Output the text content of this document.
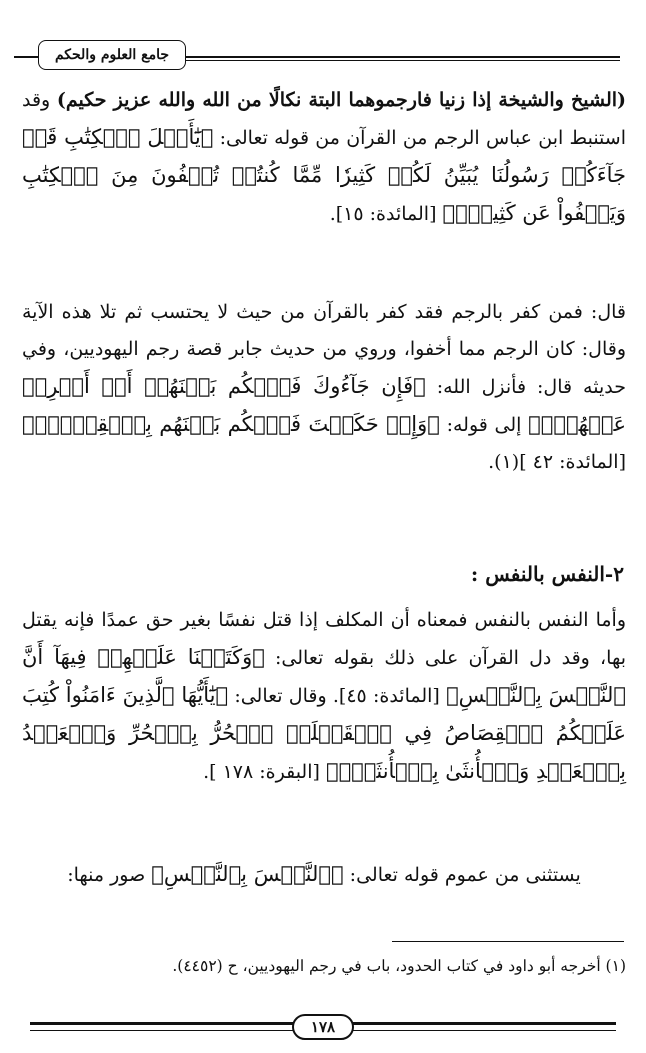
جامع العلوم والحكم
(الشيخ والشيخة إذا زنيا فارجموهما البتة نكالًا من الله والله عزيز حكيم) وقد استنبط ابن عباس الرجم من القرآن من قوله تعالى: ﴿يَٰٓأَهۡلَ ٱلۡكِتَٰبِ قَدۡ جَآءَكُمۡ رَسُولُنَا يُبَيِّنُ لَكُمۡ كَثِيرٗا مِّمَّا كُنتُمۡ تُخۡفُونَ مِنَ ٱلۡكِتَٰبِ وَيَعۡفُواْ عَن كَثِيرٖۚ﴾ [المائدة: ١٥].
قال: فمن كفر بالرجم فقد كفر بالقرآن من حيث لا يحتسب ثم تلا هذه الآية وقال: كان الرجم مما أخفوا، وروي من حديث جابر قصة رجم اليهوديين، وفي حديثه قال: فأنزل الله: ﴿فَإِن جَآءُوكَ فَٱحۡكُم بَيۡنَهُمۡ أَوۡ أَعۡرِضۡ عَنۡهُمۡۖ﴾ إلى قوله: ﴿وَإِنۡ حَكَمۡتَ فَٱحۡكُم بَيۡنَهُم بِٱلۡقِسۡطِۚ﴾ [المائدة: ٤٢ ](١).
٢-النفس بالنفس :
وأما النفس بالنفس فمعناه أن المكلف إذا قتل نفسًا بغير حق عمدًا فإنه يقتل بها، وقد دل القرآن على ذلك بقوله تعالى: ﴿وَكَتَبۡنَا عَلَيۡهِمۡ فِيهَآ أَنَّ ٱلنَّفۡسَ بِٱلنَّفۡسِ﴾ [المائدة: ٤٥]. وقال تعالى: ﴿يَٰٓأَيُّهَا ٱلَّذِينَ ءَامَنُواْ كُتِبَ عَلَيۡكُمُ ٱلۡقِصَاصُ فِي ٱلۡقَتۡلَىۖ ٱلۡحُرُّ بِٱلۡحُرِّ وَٱلۡعَبۡدُ بِٱلۡعَبۡدِ وَٱلۡأُنثَىٰ بِٱلۡأُنثَىٰۚ﴾ [البقرة: ١٧٨ ].
يستثنى من عموم قوله تعالى: ﴿ٱلنَّفۡسَ بِٱلنَّفۡسِ﴾ صور منها:
(١) أخرجه أبو داود في كتاب الحدود، باب في رجم اليهوديين، ح (٤٤٥٢).
١٧٨
